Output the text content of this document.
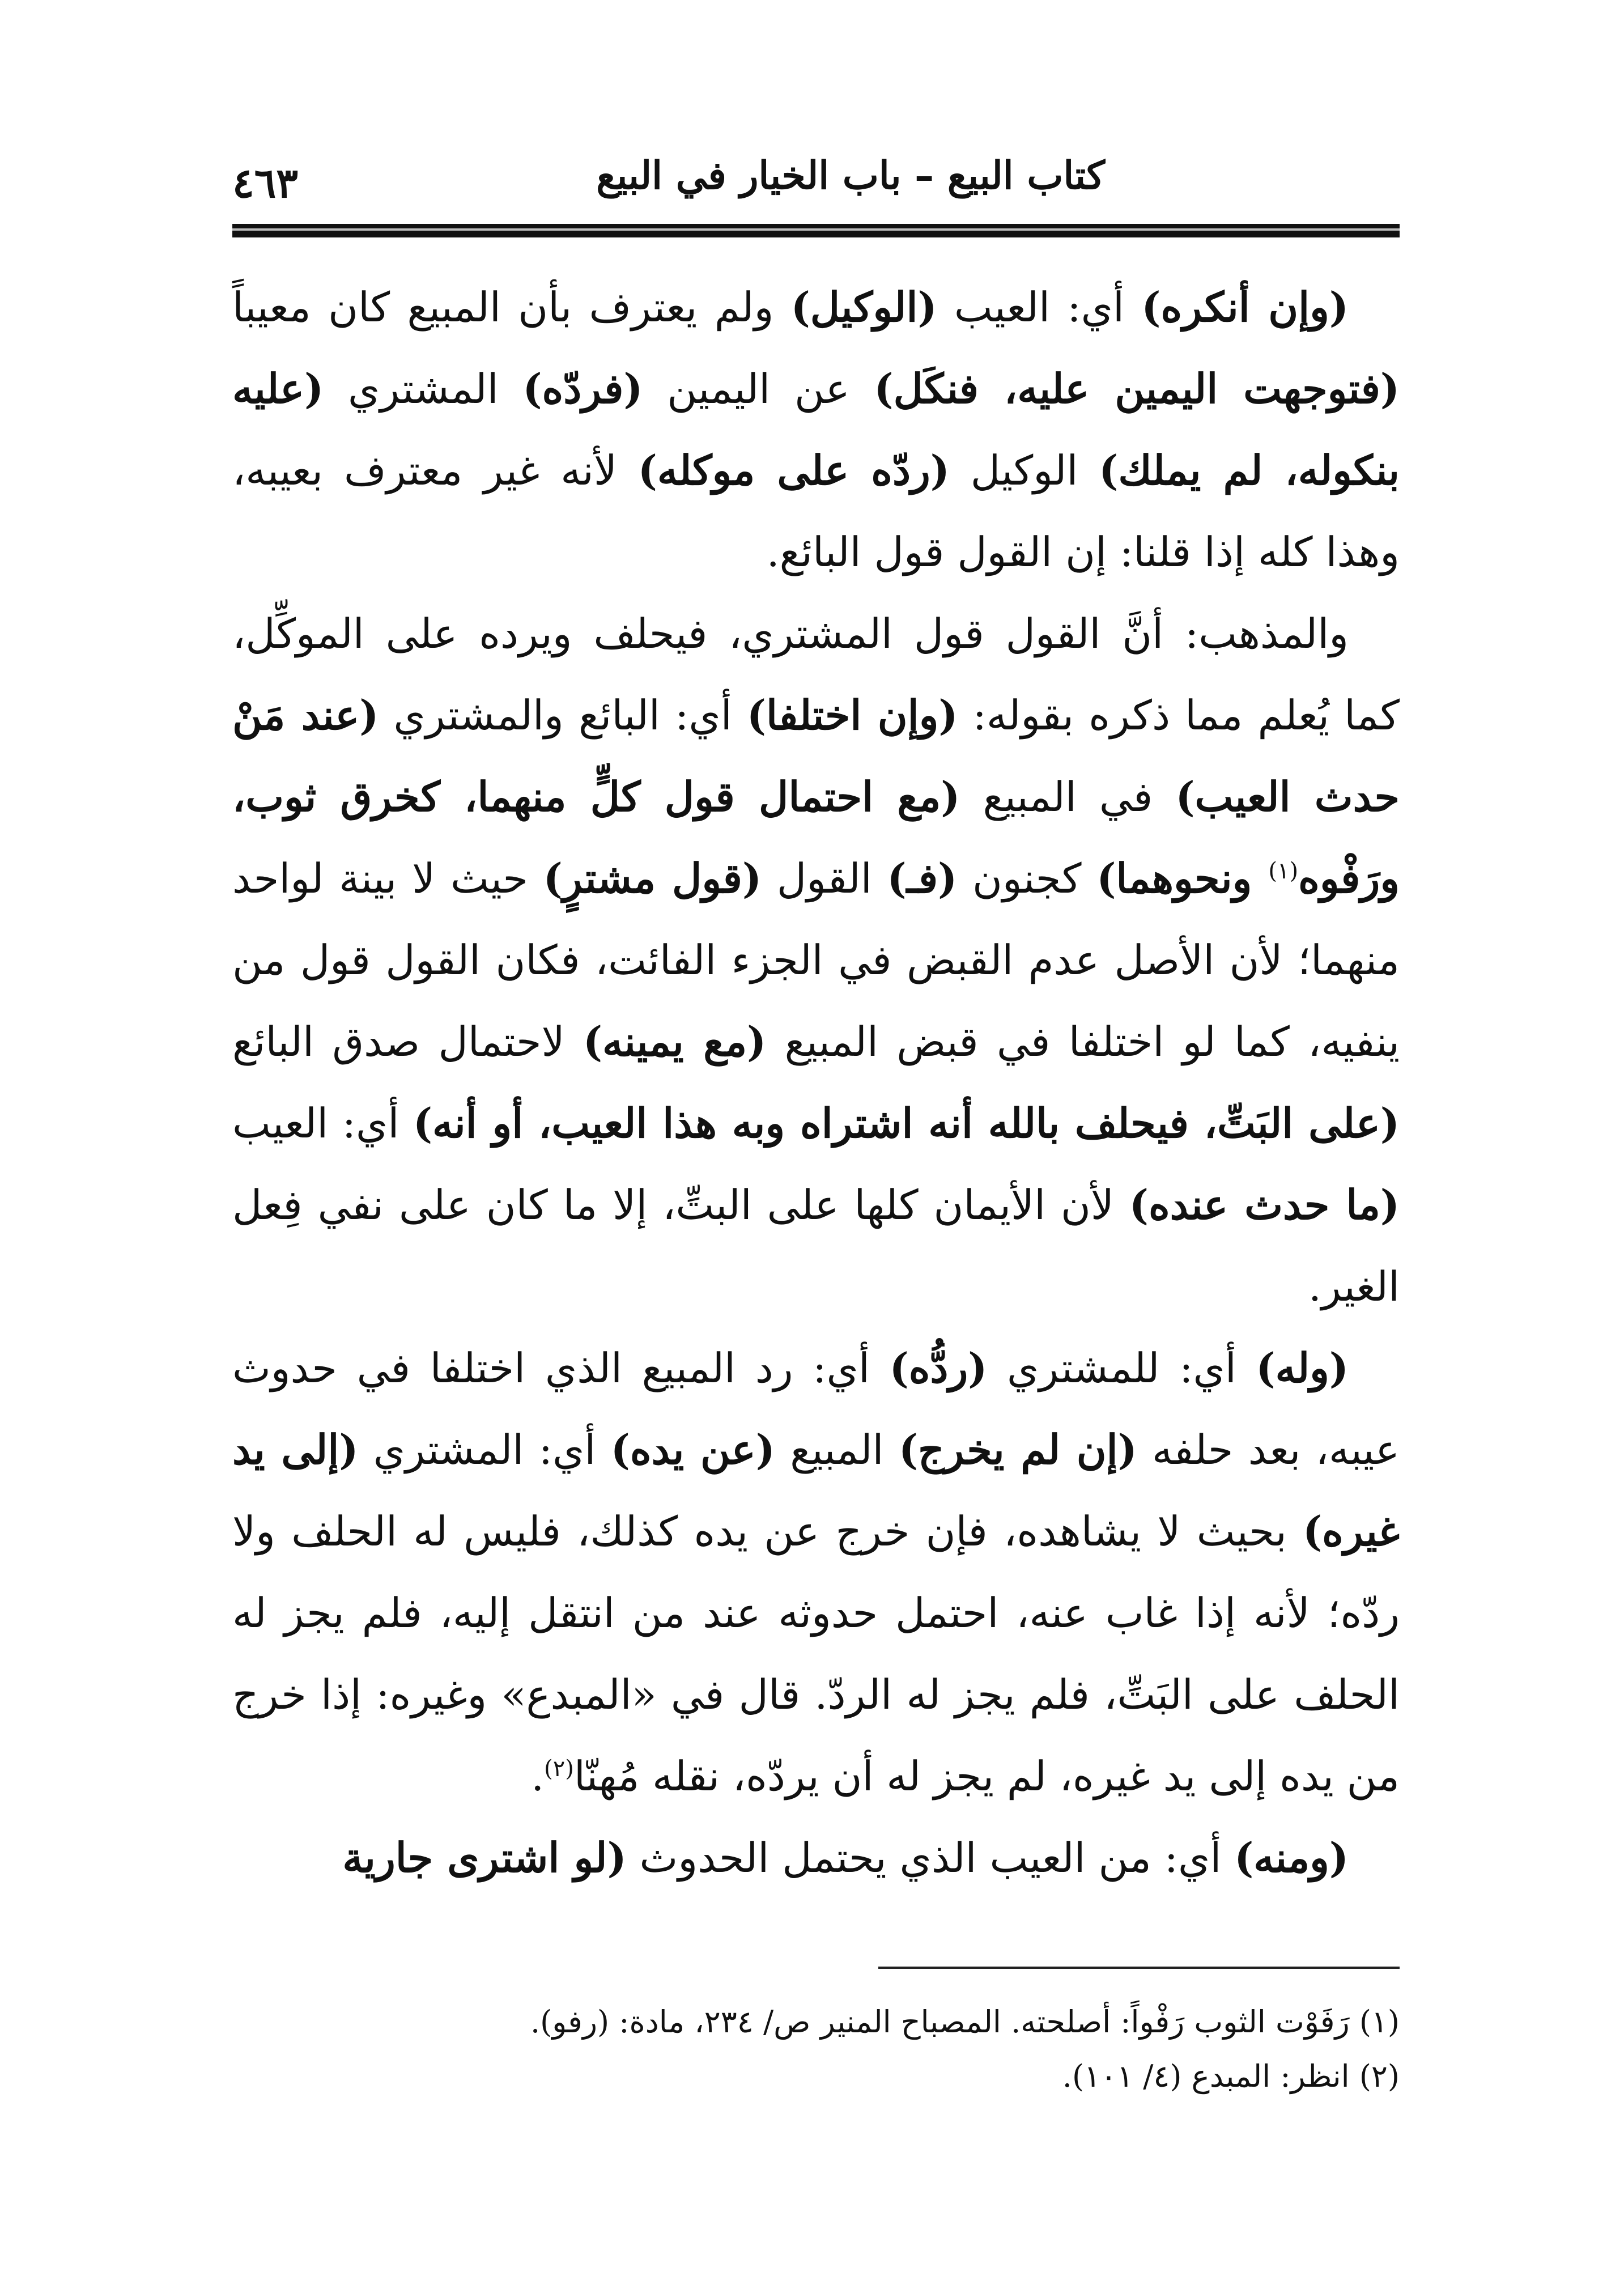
٤٦٣	كتاب البيع – باب الخيار في البيع

(وإن أنكره) أي: العيب (الوكيل) ولم يعترف بأن المبيع كان معيباً (فتوجهت اليمين عليه، فنكَل) عن اليمين (فردّه) المشتري (عليه بنكوله، لم يملك) الوكيل (ردّه على موكله) لأنه غير معترف بعيبه، وهذا كله إذا قلنا: إن القول قول البائع.

والمذهب: أنَّ القول قول المشتري، فيحلف ويرده على الموكِّل، كما يُعلم مما ذكره بقوله: (وإن اختلفا) أي: البائع والمشتري (عند مَنْ حدث العيب) في المبيع (مع احتمال قول كلٍّ منهما، كخرق ثوب، ورَفْوه$^{(١)}$ ونحوهما) كجنون (فـ) القول (قول مشترٍ) حيث لا بينة لواحد منهما؛ لأن الأصل عدم القبض في الجزء الفائت، فكان القول قول من ينفيه، كما لو اختلفا في قبض المبيع (مع يمينه) لاحتمال صدق البائع (على البَتِّ، فيحلف بالله أنه اشتراه وبه هذا العيب، أو أنه) أي: العيب (ما حدث عنده) لأن الأيمان كلها على البتِّ، إلا ما كان على نفي فِعل الغير.

(وله) أي: للمشتري (ردُّه) أي: رد المبيع الذي اختلفا في حدوث عيبه، بعد حلفه (إن لم يخرج) المبيع (عن يده) أي: المشتري (إلى يد غيره) بحيث لا يشاهده، فإن خرج عن يده كذلك، فليس له الحلف ولا ردّه؛ لأنه إذا غاب عنه، احتمل حدوثه عند من انتقل إليه، فلم يجز له الحلف على البَتِّ، فلم يجز له الردّ. قال في «المبدع» وغيره: إذا خرج من يده إلى يد غيره، لم يجز له أن يردّه، نقله مُهنّا$^{(٢)}$.

(ومنه) أي: من العيب الذي يحتمل الحدوث (لو اشترى جارية

(١) رَفَوْت الثوب رَفْواً: أصلحته. المصباح المنير ص/ ٢٣٤، مادة: (رفو).

(٢) انظر: المبدع (٤/ ١٠١).
